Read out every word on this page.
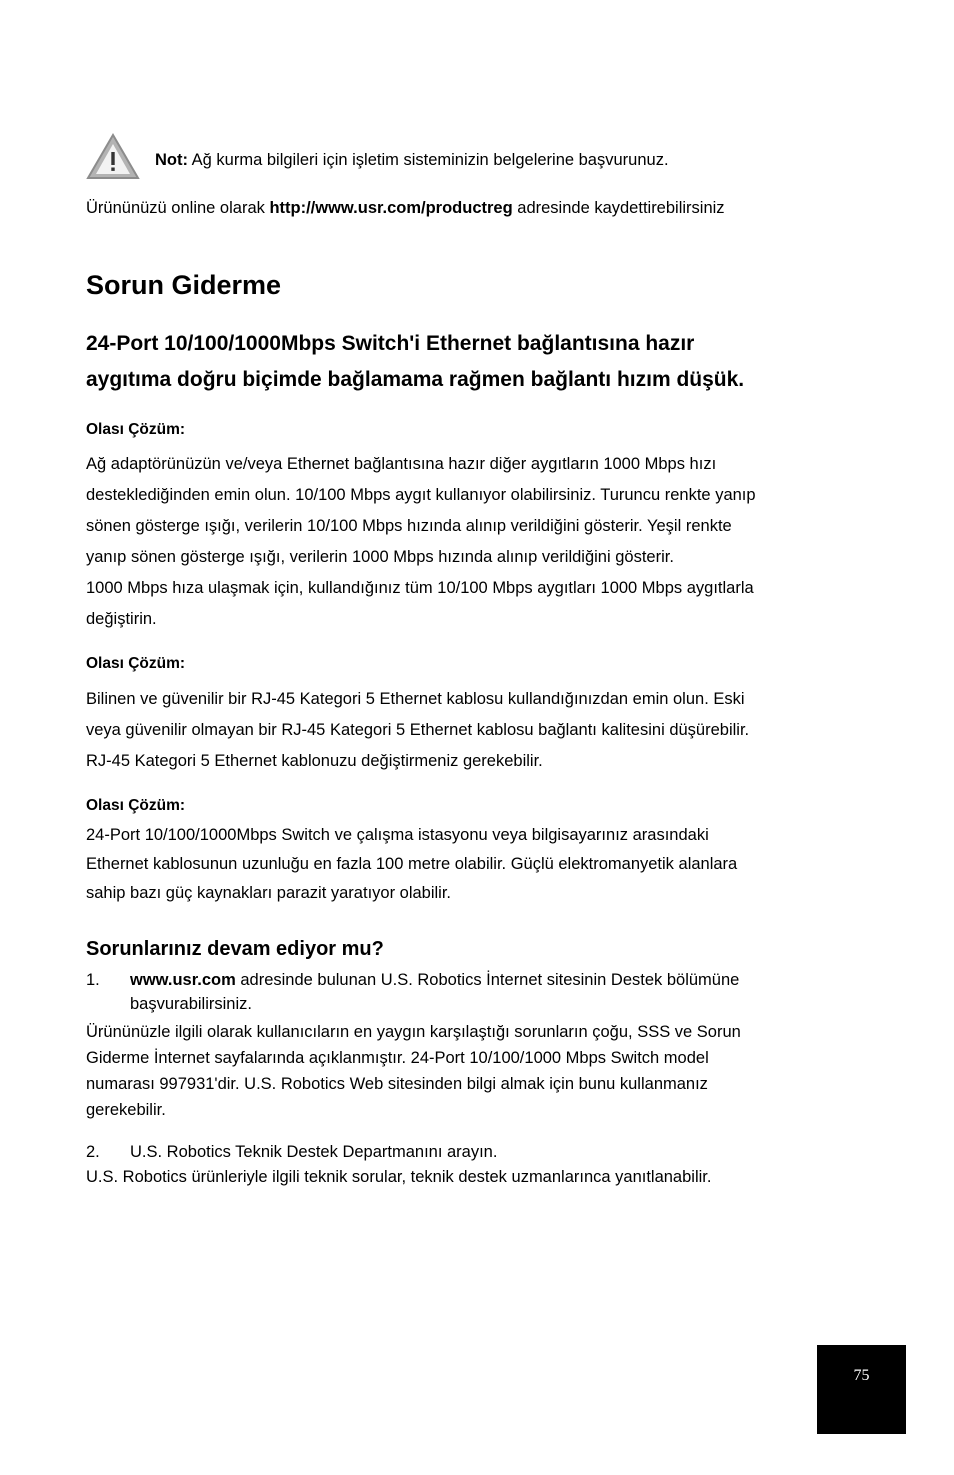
Not: Ağ kurma bilgileri için işletim sisteminizin belgelerine başvurunuz.
Ürününüzü online olarak http://www.usr.com/productreg adresinde kaydettirebilirsiniz
Sorun Giderme
24-Port 10/100/1000Mbps Switch'i Ethernet bağlantısına hazır
aygıtıma doğru biçimde bağlamama rağmen bağlantı hızım düşük.
Olası Çözüm:
Ağ adaptörünüzün ve/veya Ethernet bağlantısına hazır diğer aygıtların 1000 Mbps hızı
desteklediğinden emin olun. 10/100 Mbps aygıt kullanıyor olabilirsiniz. Turuncu renkte yanıp
sönen gösterge ışığı, verilerin 10/100 Mbps hızında alınıp verildiğini gösterir. Yeşil renkte
yanıp sönen gösterge ışığı, verilerin 1000 Mbps hızında alınıp verildiğini gösterir.
1000 Mbps hıza ulaşmak için, kullandığınız tüm 10/100 Mbps aygıtları 1000 Mbps aygıtlarla
değiştirin.
Olası Çözüm:
Bilinen ve güvenilir bir RJ-45 Kategori 5 Ethernet kablosu kullandığınızdan emin olun. Eski
veya güvenilir olmayan bir RJ-45 Kategori 5 Ethernet kablosu bağlantı kalitesini düşürebilir.
RJ-45 Kategori 5 Ethernet kablonuzu değiştirmeniz gerekebilir.
Olası Çözüm:
24-Port 10/100/1000Mbps Switch ve çalışma istasyonu veya bilgisayarınız arasındaki
Ethernet kablosunun uzunluğu en fazla 100 metre olabilir. Güçlü elektromanyetik alanlara
sahip bazı güç kaynakları parazit yaratıyor olabilir.
Sorunlarınız devam ediyor mu?
1. www.usr.com adresinde bulunan U.S. Robotics İnternet sitesinin Destek bölümüne
başvurabilirsiniz.
Ürününüzle ilgili olarak kullanıcıların en yaygın karşılaştığı sorunların çoğu, SSS ve Sorun
Giderme İnternet sayfalarında açıklanmıştır. 24-Port 10/100/1000 Mbps Switch model
numarası 997931'dir. U.S. Robotics Web sitesinden bilgi almak için bunu kullanmanız
gerekebilir.
2. U.S. Robotics Teknik Destek Departmanını arayın.
U.S. Robotics ürünleriyle ilgili teknik sorular, teknik destek uzmanlarınca yanıtlanabilir.
75
